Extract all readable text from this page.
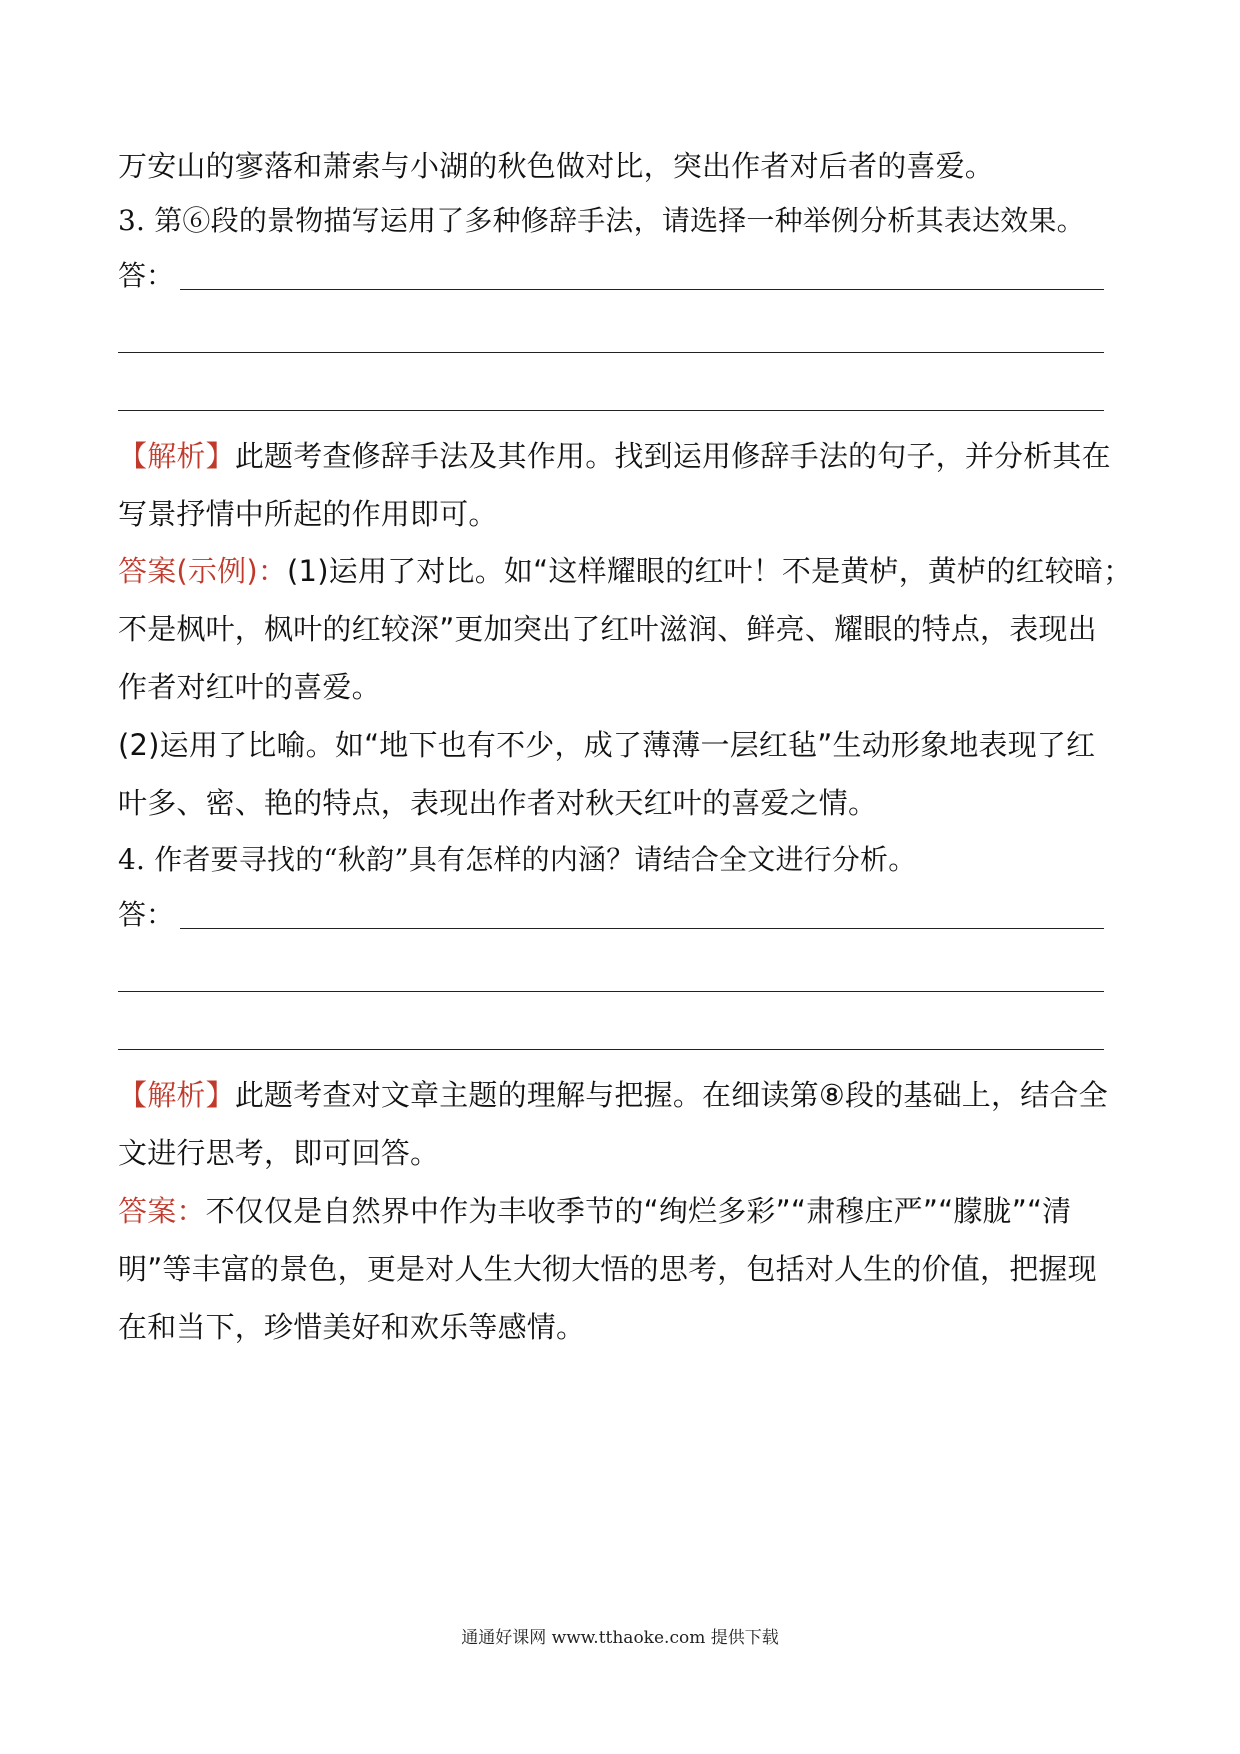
万安山的寥落和萧索与小湖的秋色做对比，突出作者对后者的喜爱。
3. 第⑥段的景物描写运用了多种修辞手法，请选择一种举例分析其表达效果。
答：
【解析】此题考查修辞手法及其作用。找到运用修辞手法的句子，并分析其在
写景抒情中所起的作用即可。
答案(示例)：(1)运用了对比。如“这样耀眼的红叶！不是黄栌，黄栌的红较暗；
不是枫叶，枫叶的红较深”更加突出了红叶滋润、鲜亮、耀眼的特点，表现出
作者对红叶的喜爱。
(2)运用了比喻。如“地下也有不少，成了薄薄一层红毡”生动形象地表现了红
叶多、密、艳的特点，表现出作者对秋天红叶的喜爱之情。
4. 作者要寻找的“秋韵”具有怎样的内涵？请结合全文进行分析。
答：
【解析】此题考查对文章主题的理解与把握。在细读第⑧段的基础上，结合全
文进行思考，即可回答。
答案：不仅仅是自然界中作为丰收季节的“绚烂多彩”“肃穆庄严”“朦胧”“清
明”等丰富的景色，更是对人生大彻大悟的思考，包括对人生的价值，把握现
在和当下，珍惜美好和欢乐等感情。
通通好课网 www.tthaoke.com 提供下载
